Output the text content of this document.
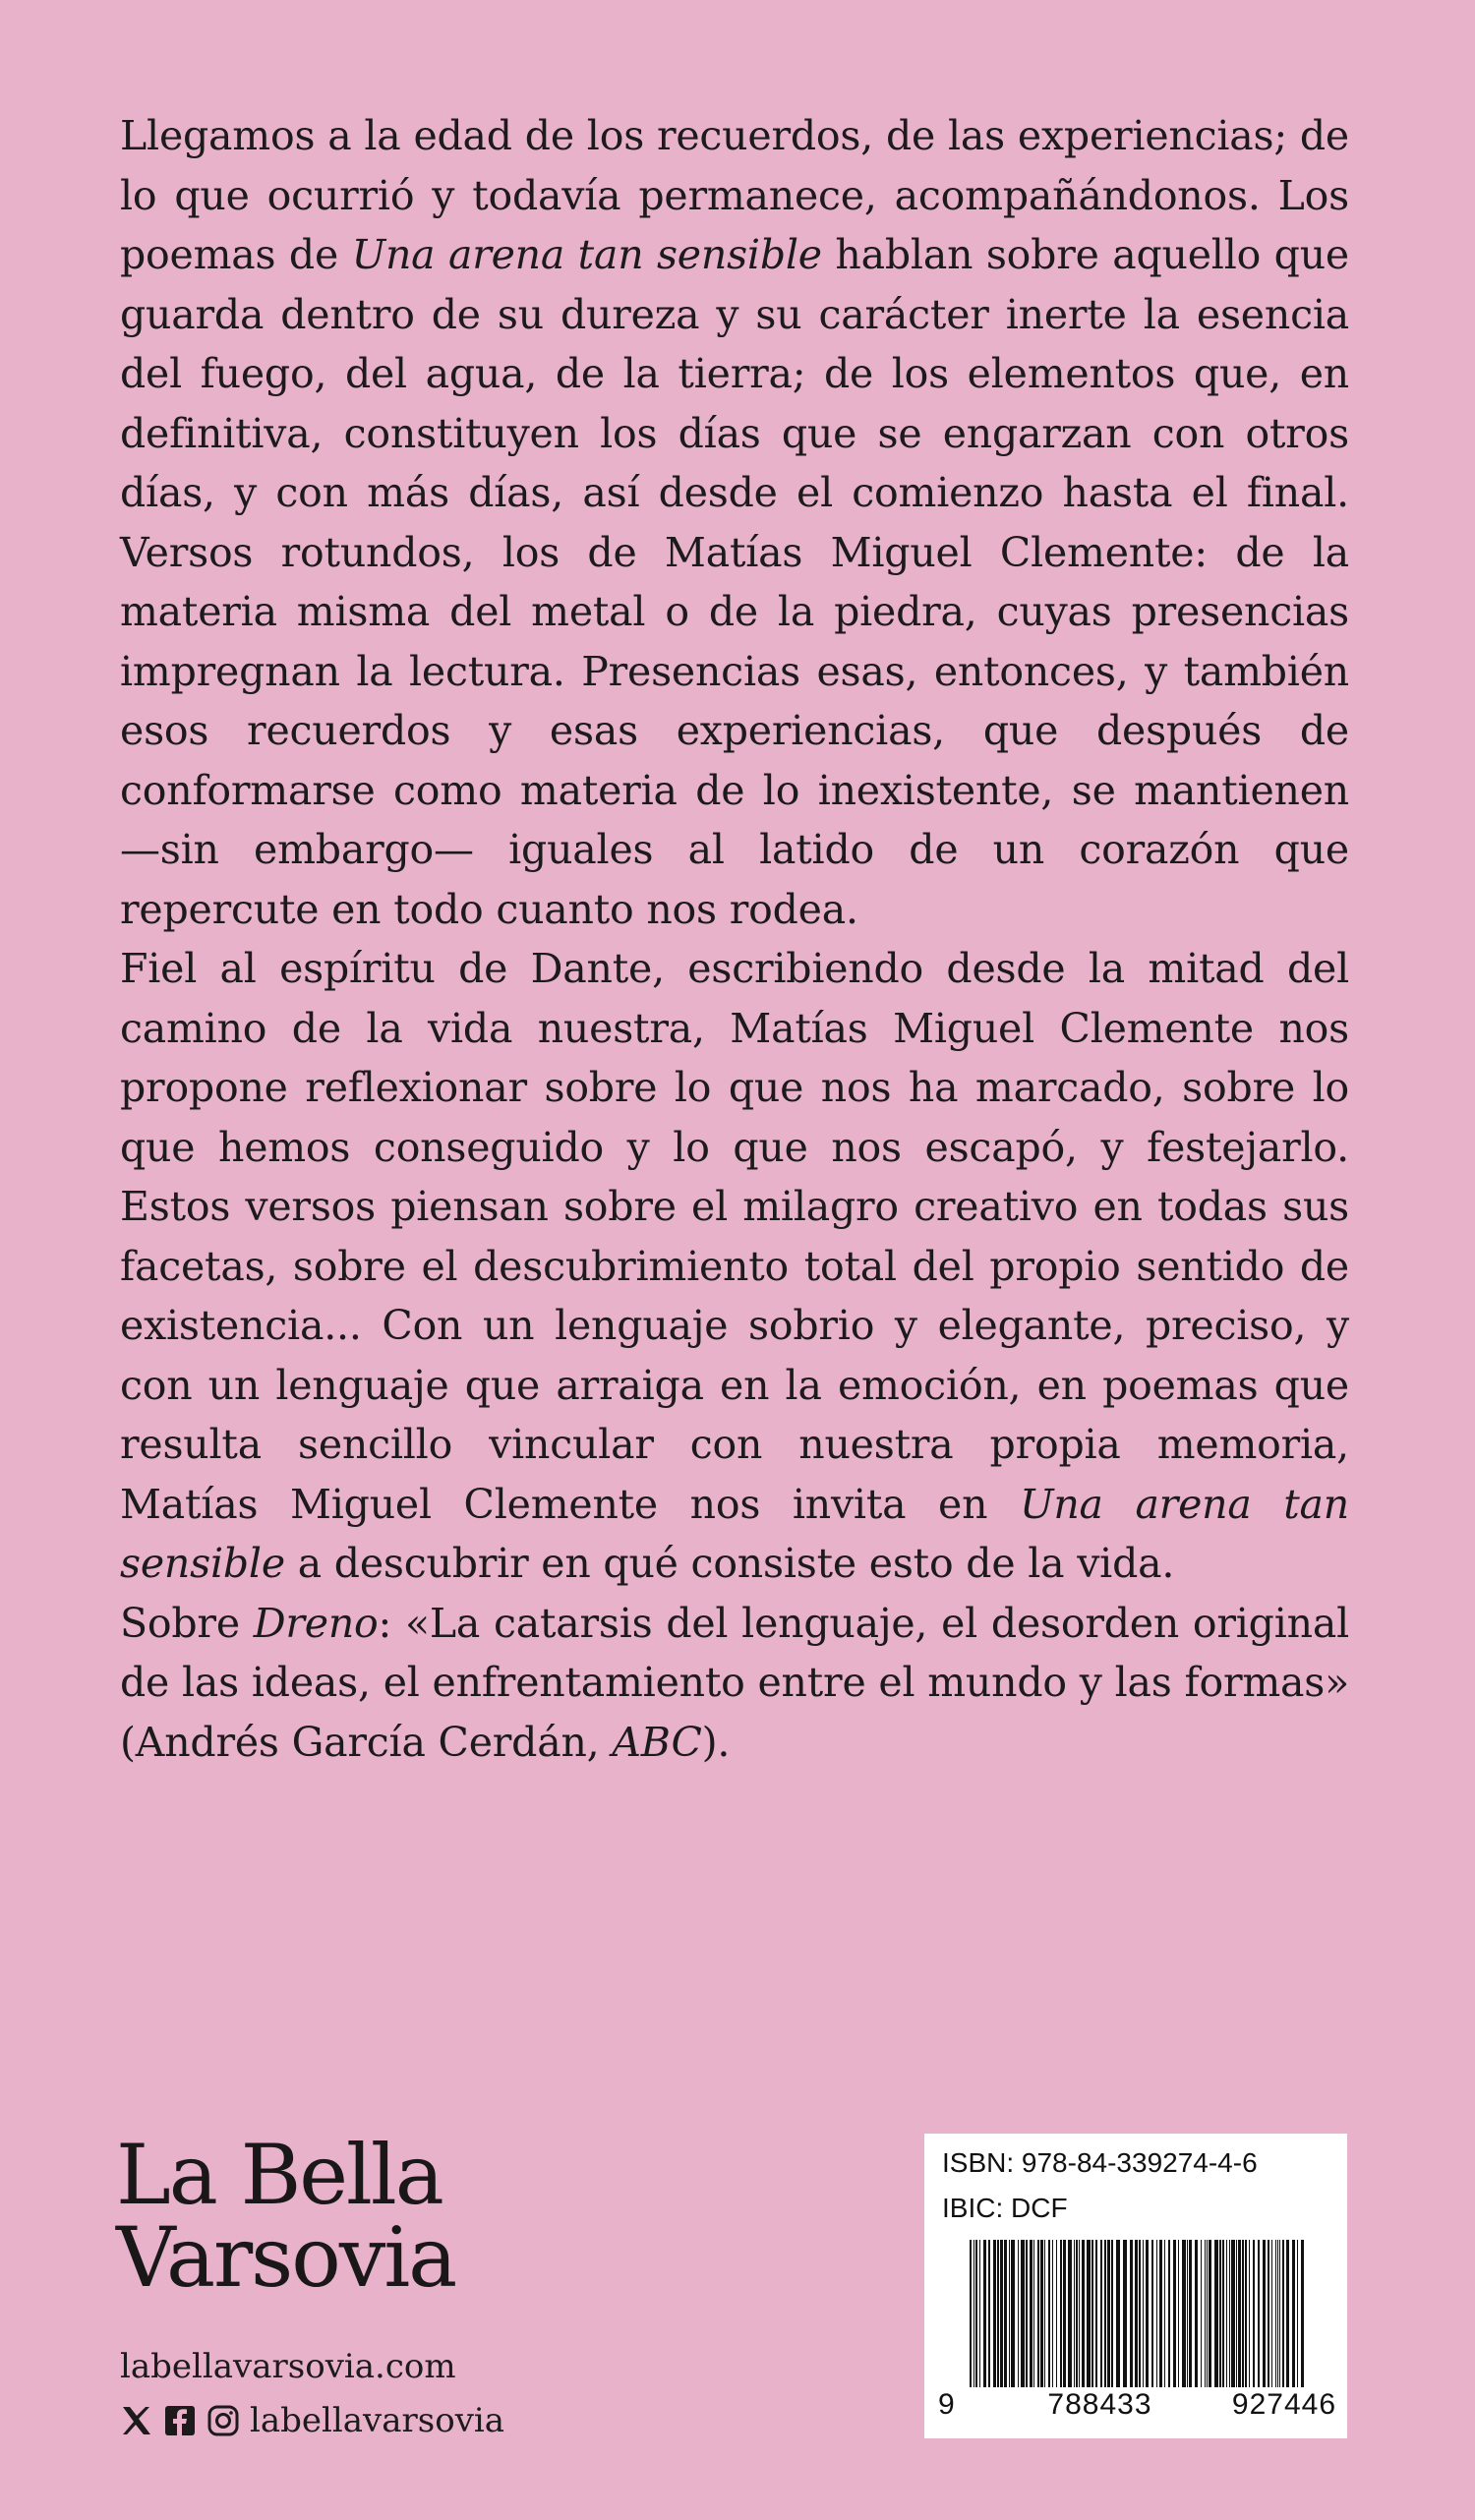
Llegamos a la edad de los recuerdos, de las experiencias; de lo que ocurrió y todavía permanece, acompañándonos. Los poemas de Una arena tan sensible hablan sobre aquello que guarda dentro de su dureza y su carácter inerte la esencia del fuego, del agua, de la tierra; de los elementos que, en definitiva, constituyen los días que se engarzan con otros días, y con más días, así desde el comienzo hasta el final. Versos rotundos, los de Matías Miguel Clemente: de la materia misma del metal o de la piedra, cuyas presencias impregnan la lectura. Presencias esas, entonces, y también esos recuerdos y esas experiencias, que después de conformarse como materia de lo inexistente, se mantienen —sin embargo— iguales al latido de un corazón que repercute en todo cuanto nos rodea.

Fiel al espíritu de Dante, escribiendo desde la mitad del camino de la vida nuestra, Matías Miguel Clemente nos propone reflexionar sobre lo que nos ha marcado, sobre lo que hemos conseguido y lo que nos escapó, y festejarlo. Estos versos piensan sobre el milagro creativo en todas sus facetas, sobre el descubrimiento total del propio sentido de existencia... Con un lenguaje sobrio y elegante, preciso, y con un lenguaje que arraiga en la emoción, en poemas que resulta sencillo vincular con nuestra propia memoria, Matías Miguel Clemente nos invita en Una arena tan sensible a descubrir en qué consiste esto de la vida.

Sobre Dreno: «La catarsis del lenguaje, el desorden original de las ideas, el enfrentamiento entre el mundo y las formas» (Andrés García Cerdán, ABC).

La Bella
Varsovia
labellavarsovia.com
labellavarsovia
ISBN: 978-84-339274-4-6
IBIC: DCF
9	788433	927446
